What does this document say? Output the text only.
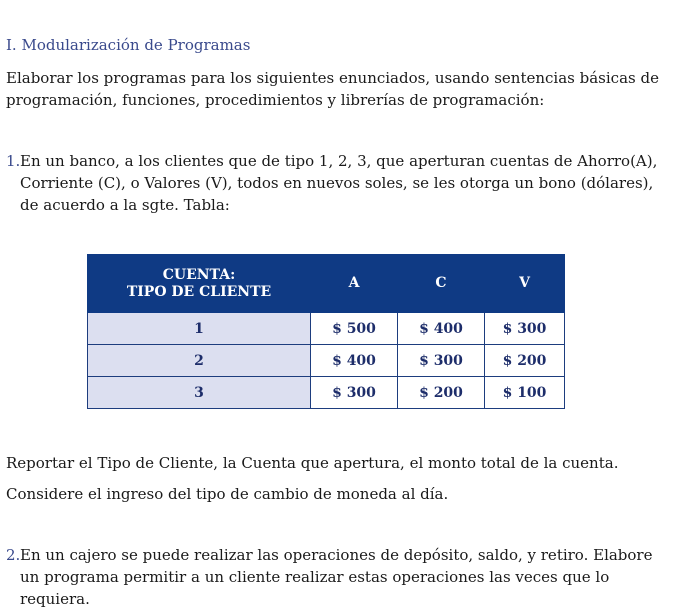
I. Modularización de Programas

Elaborar los programas para los siguientes enunciados, usando sentencias básicas de programación, funciones, procedimientos y librerías de programación:

1. En un banco, a los clientes que de tipo 1, 2, 3, que aperturan cuentas de Ahorro(A), Corriente (C), o Valores (V), todos en nuevos soles, se les otorga un bono (dólares), de acuerdo a la sgte. Tabla:
CUENTA:
TIPO DE CLIENTE	A	C	V
1	$ 500	$ 400	$ 300
2	$ 400	$ 300	$ 200
3	$ 300	$ 200	$ 100

Reportar el Tipo de Cliente, la Cuenta que apertura, el monto total de la cuenta.

Considere el ingreso del tipo de cambio de moneda al día.

2. En un cajero se puede realizar las operaciones de depósito, saldo, y retiro. Elabore un programa permitir a un cliente realizar estas operaciones las veces que lo requiera.
